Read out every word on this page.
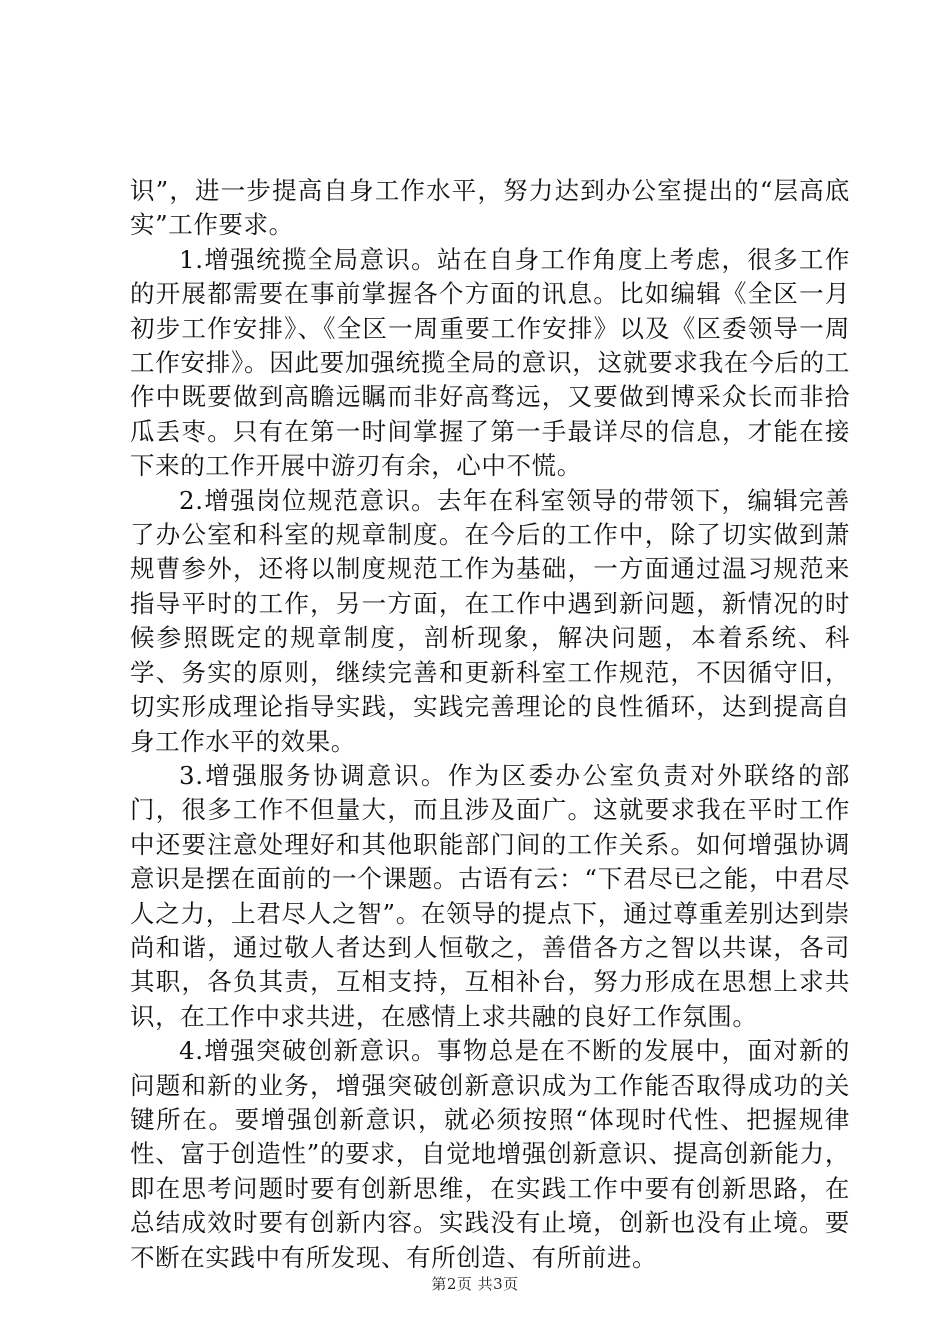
识”，进一步提高自身工作水平，努力达到办公室提出的“层高底实”工作要求。

1.增强统揽全局意识。站在自身工作角度上考虑，很多工作的开展都需要在事前掌握各个方面的讯息。比如编辑《全区一月初步工作安排》、《全区一周重要工作安排》以及《区委领导一周工作安排》。因此要加强统揽全局的意识，这就要求我在今后的工作中既要做到高瞻远瞩而非好高骛远，又要做到博采众长而非拾瓜丢枣。只有在第一时间掌握了第一手最详尽的信息，才能在接下来的工作开展中游刃有余，心中不慌。

2.增强岗位规范意识。去年在科室领导的带领下，编辑完善了办公室和科室的规章制度。在今后的工作中，除了切实做到萧规曹参外，还将以制度规范工作为基础，一方面通过温习规范来指导平时的工作，另一方面，在工作中遇到新问题，新情况的时候参照既定的规章制度，剖析现象，解决问题，本着系统、科学、务实的原则，继续完善和更新科室工作规范，不因循守旧，切实形成理论指导实践，实践完善理论的良性循环，达到提高自身工作水平的效果。

3.增强服务协调意识。作为区委办公室负责对外联络的部门，很多工作不但量大，而且涉及面广。这就要求我在平时工作中还要注意处理好和其他职能部门间的工作关系。如何增强协调意识是摆在面前的一个课题。古语有云：“下君尽已之能，中君尽人之力，上君尽人之智”。在领导的提点下，通过尊重差别达到崇尚和谐，通过敬人者达到人恒敬之，善借各方之智以共谋，各司其职，各负其责，互相支持，互相补台，努力形成在思想上求共识，在工作中求共进，在感情上求共融的良好工作氛围。

4.增强突破创新意识。事物总是在不断的发展中，面对新的问题和新的业务，增强突破创新意识成为工作能否取得成功的关键所在。要增强创新意识，就必须按照“体现时代性、把握规律性、富于创造性”的要求，自觉地增强创新意识、提高创新能力，即在思考问题时要有创新思维，在实践工作中要有创新思路，在总结成效时要有创新内容。实践没有止境，创新也没有止境。要不断在实践中有所发现、有所创造、有所前进。

第2页 共3页
